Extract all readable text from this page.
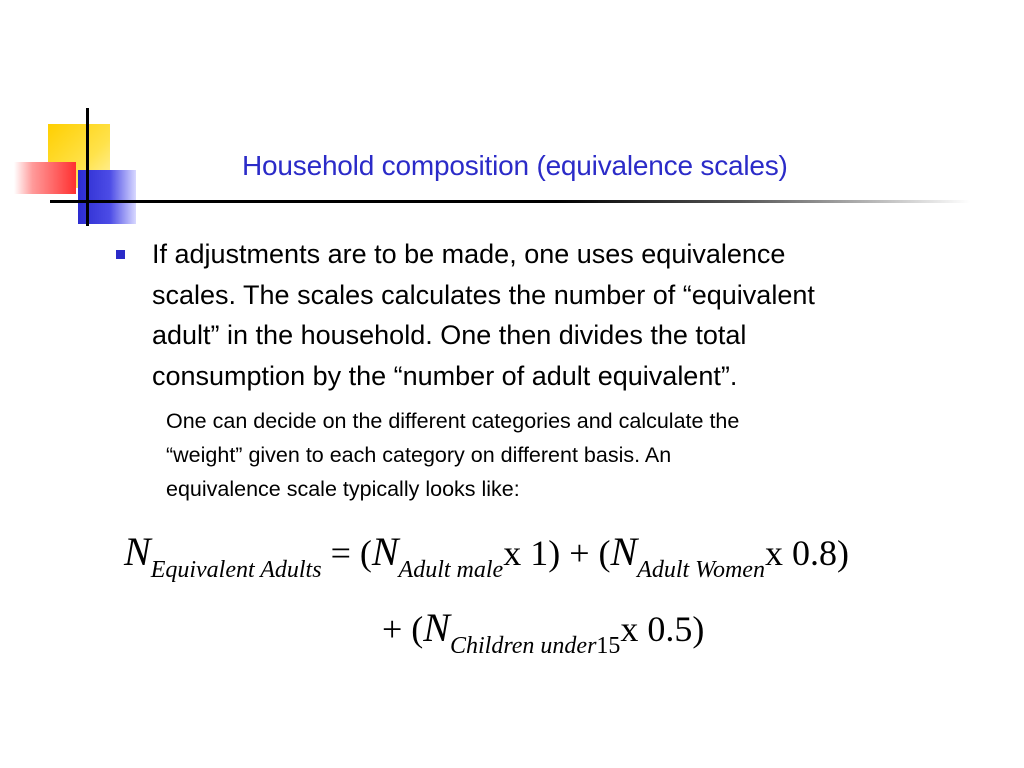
Household composition (equivalence scales)
If adjustments are to be made, one uses equivalence
scales. The scales calculates the number of “equivalent
adult” in the household. One then divides the total
consumption by the “number of adult equivalent”.
One can decide on the different categories and calculate the
“weight” given to each category on different basis. An
equivalence scale typically looks like:
NEquivalent Adults = (NAdult malex 1) + (NAdult Womenx 0.8)
+ (NChildren under15x 0.5)
